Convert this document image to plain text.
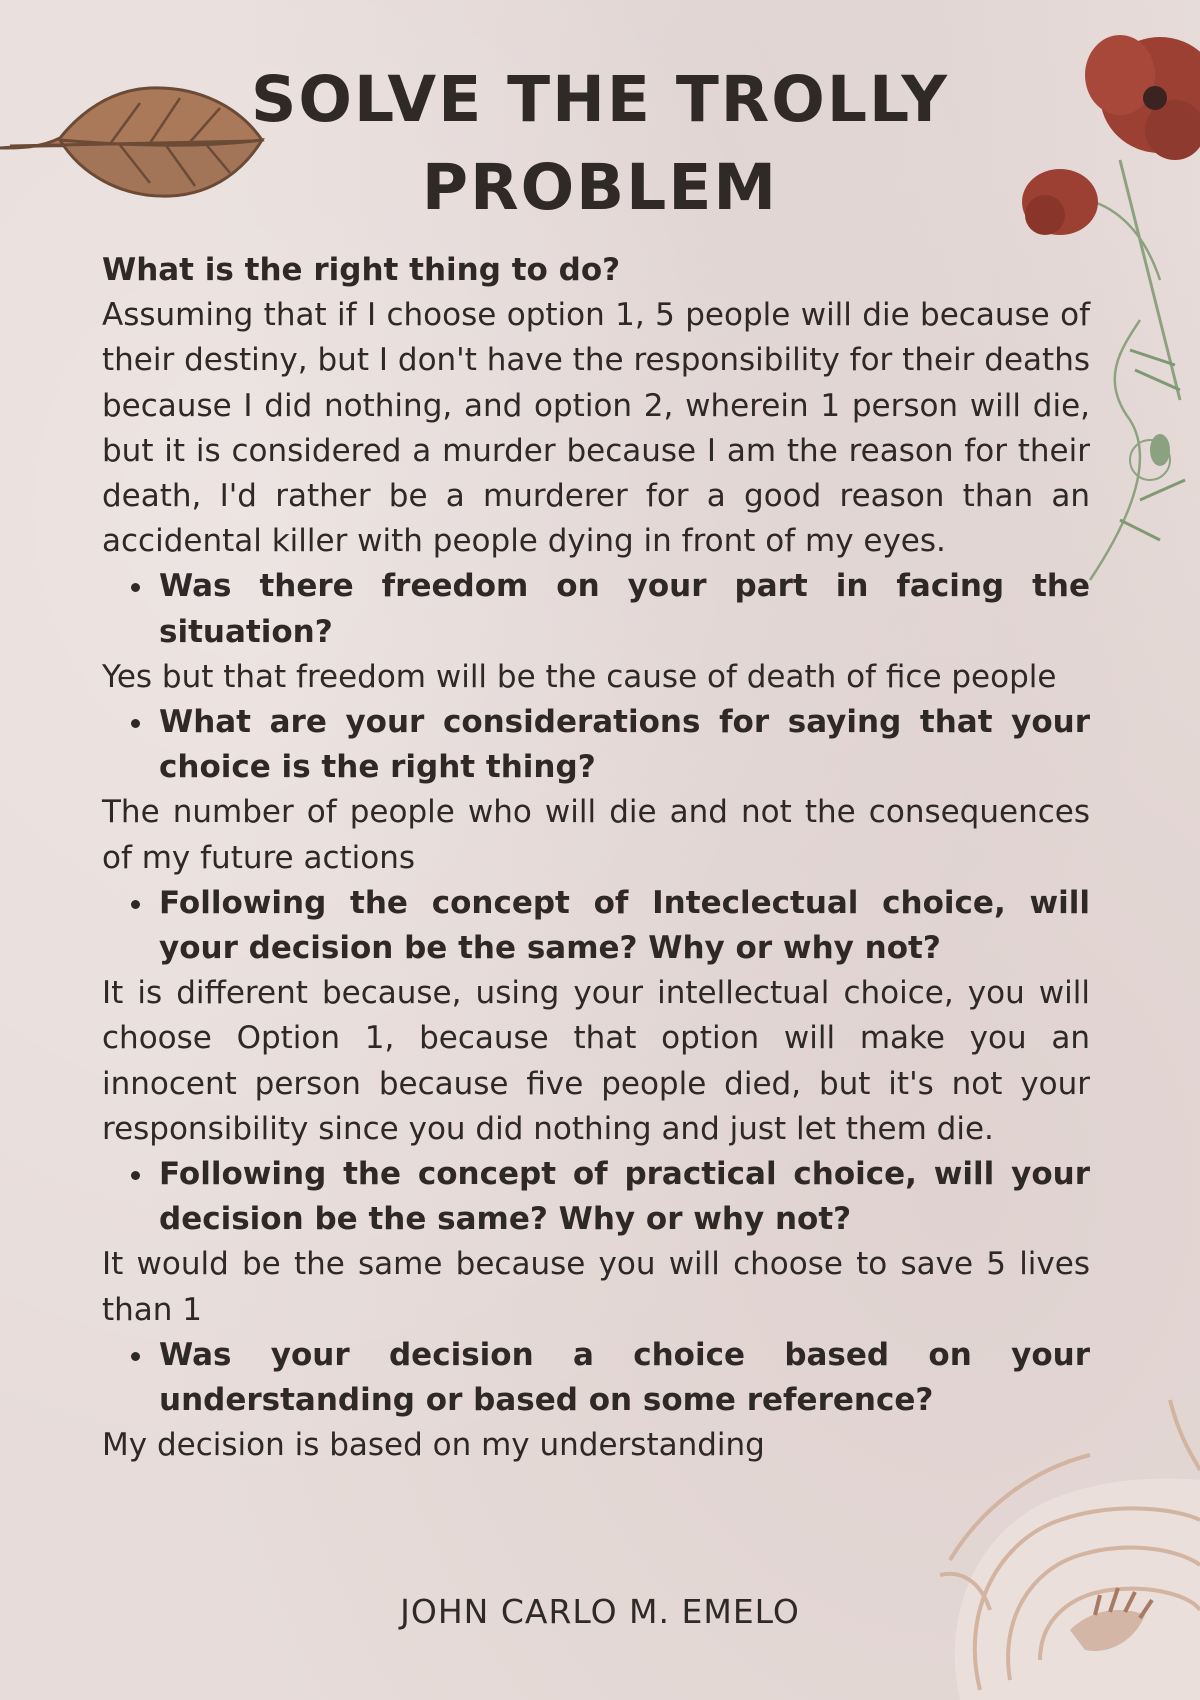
SOLVE THE TROLLY
PROBLEM

What is the right thing to do?

Assuming that if I choose option 1, 5 people will die because of their destiny, but I don't have the responsibility for their deaths because I did nothing, and option 2, wherein 1 person will die, but it is considered a murder because I am the reason for their death, I'd rather be a murderer for a good reason than an accidental killer with people dying in front of my eyes.

Was there freedom on your part in facing the situation?

Yes but that freedom will be the cause of death of fice people

What are your considerations for saying that your choice is the right thing?

The number of people who will die and not the consequences of my future actions

Following the concept of Inteclectual choice, will your decision be the same? Why or why not?

It is different because, using your intellectual choice, you will choose Option 1, because that option will make you an innocent person because five people died, but it's not your responsibility since you did nothing and just let them die.

Following the concept of practical choice, will your decision be the same? Why or why not?

It would be the same because you will choose to save 5 lives than 1

Was your decision a choice based on your understanding or based on some reference?

My decision is based on my understanding

JOHN CARLO M. EMELO
